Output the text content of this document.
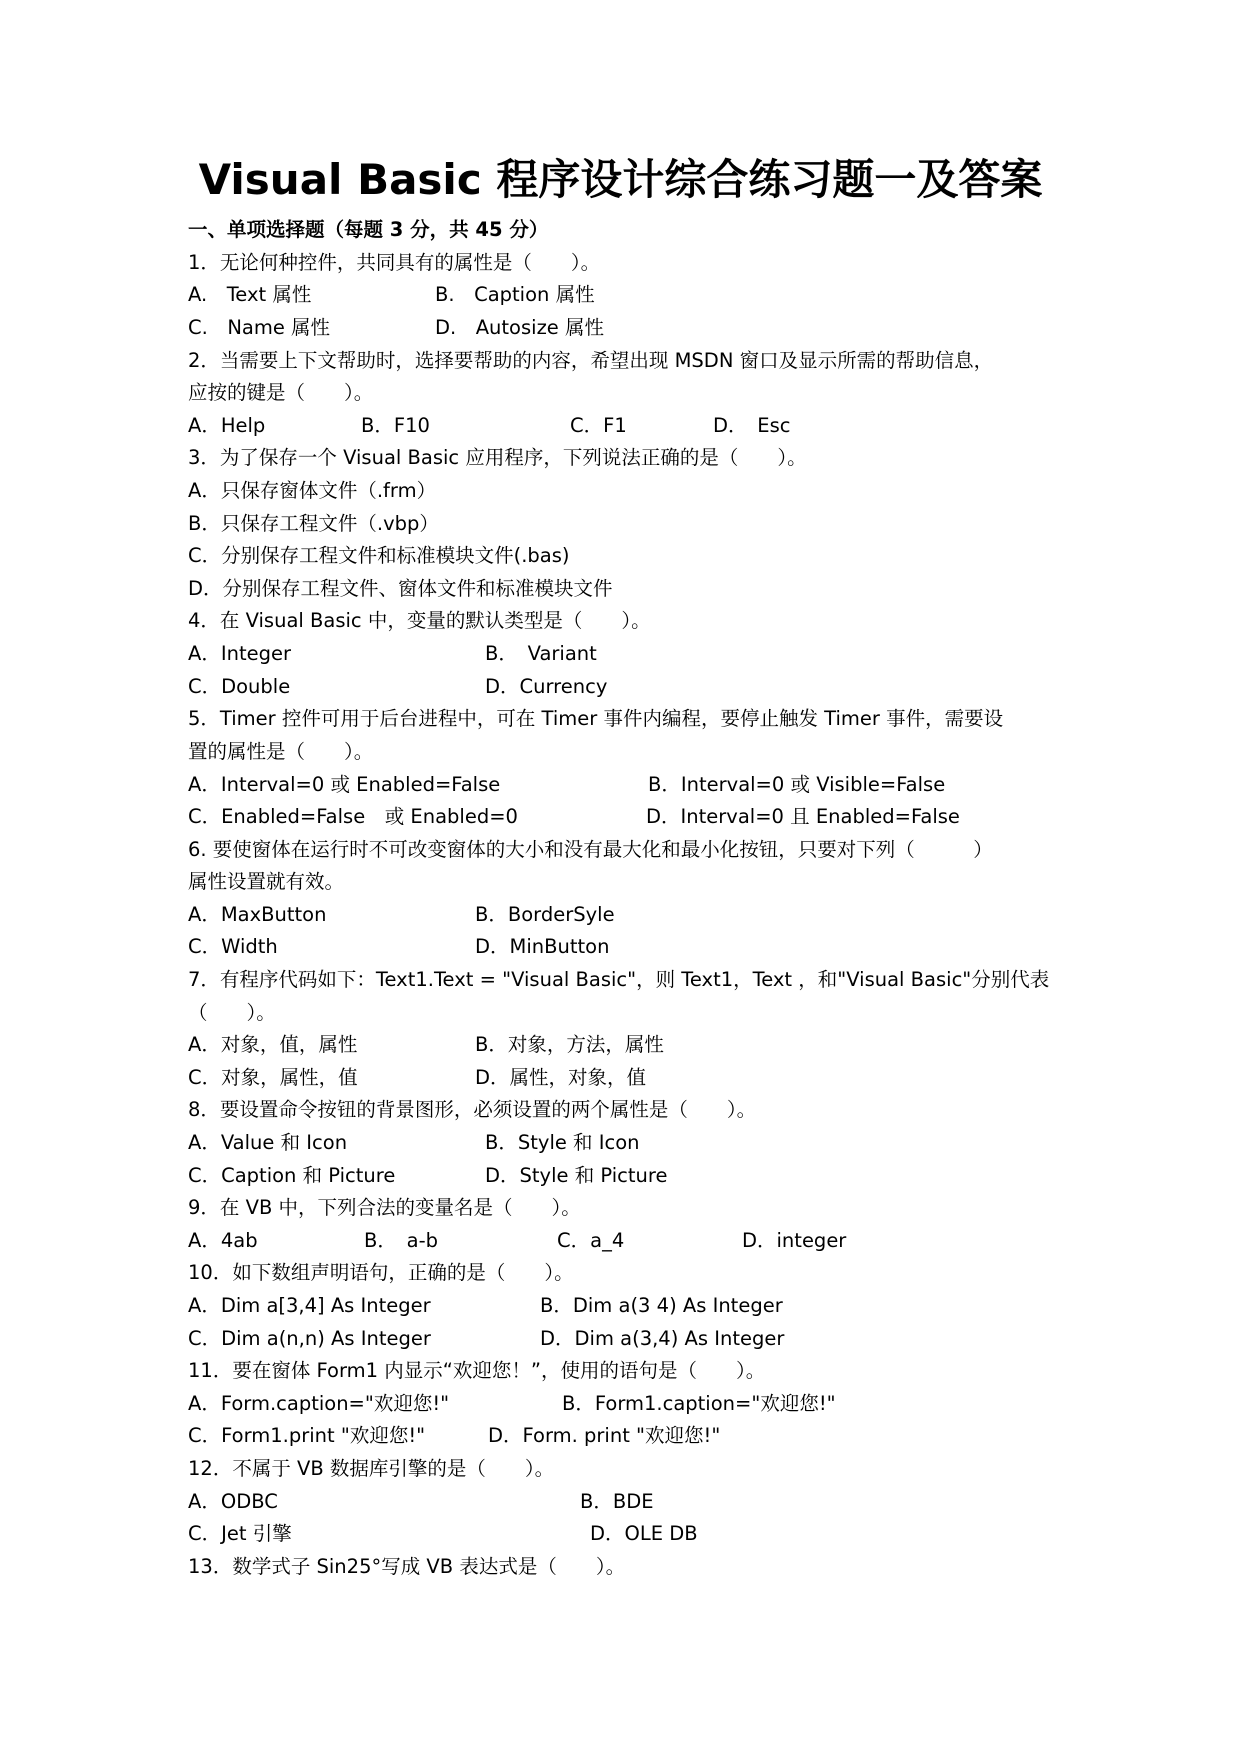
Visual Basic 程序设计综合练习题一及答案
一、单项选择题（每题 3 分，共 45 分）
1．无论何种控件，共同具有的属性是（　　）。
A.　Text 属性	B.　Caption 属性
C.　Name 属性	D.　Autosize 属性
2．当需要上下文帮助时，选择要帮助的内容，希望出现 MSDN 窗口及显示所需的帮助信息，
应按的键是（　　）。
A．Help	B．F10	C．F1	D．　Esc
3．为了保存一个 Visual Basic 应用程序，下列说法正确的是（　　）。
A．只保存窗体文件（.frm）
B．只保存工程文件（.vbp）
C．分别保存工程文件和标准模块文件(.bas)
D．分别保存工程文件、窗体文件和标准模块文件
4．在 Visual Basic 中，变量的默认类型是（　　）。
A．Integer	B．　Variant
C．Double	D．Currency
5．Timer 控件可用于后台进程中，可在 Timer 事件内编程，要停止触发 Timer 事件，需要设
置的属性是（　　）。
A．Interval=0 或 Enabled=False	B．Interval=0 或 Visible=False
C．Enabled=False　或 Enabled=0	D．Interval=0 且 Enabled=False
6. 要使窗体在运行时不可改变窗体的大小和没有最大化和最小化按钮，只要对下列（　　　）
属性设置就有效。
A．MaxButton	B．BorderSyle
C．Width	D．MinButton
7．有程序代码如下：Text1.Text = "Visual Basic"，则 Text1，Text ，和"Visual Basic"分别代表
（　　）。
A．对象，值，属性	B．对象，方法，属性
C．对象，属性，值	D．属性，对象，值
8．要设置命令按钮的背景图形，必须设置的两个属性是（　　）。
A．Value 和 Icon	B．Style 和 Icon
C．Caption 和 Picture	D．Style 和 Picture
9．在 VB 中，下列合法的变量名是（　　）。
A．4ab	B．　a-b	C．a_4	D．integer
10．如下数组声明语句，正确的是（　　）。
A．Dim a[3,4] As Integer	B．Dim a(3 4) As Integer
C．Dim a(n,n) As Integer	D．Dim a(3,4) As Integer
11．要在窗体 Form1 内显示“欢迎您！”，使用的语句是（　　）。
A．Form.caption="欢迎您!"	B．Form1.caption="欢迎您!"
C．Form1.print "欢迎您!"	D．Form. print "欢迎您!"
12．不属于 VB 数据库引擎的是（　　）。
A．ODBC	B．BDE
C．Jet 引擎	D．OLE DB
13．数学式子 Sin25°写成 VB 表达式是（　　）。
